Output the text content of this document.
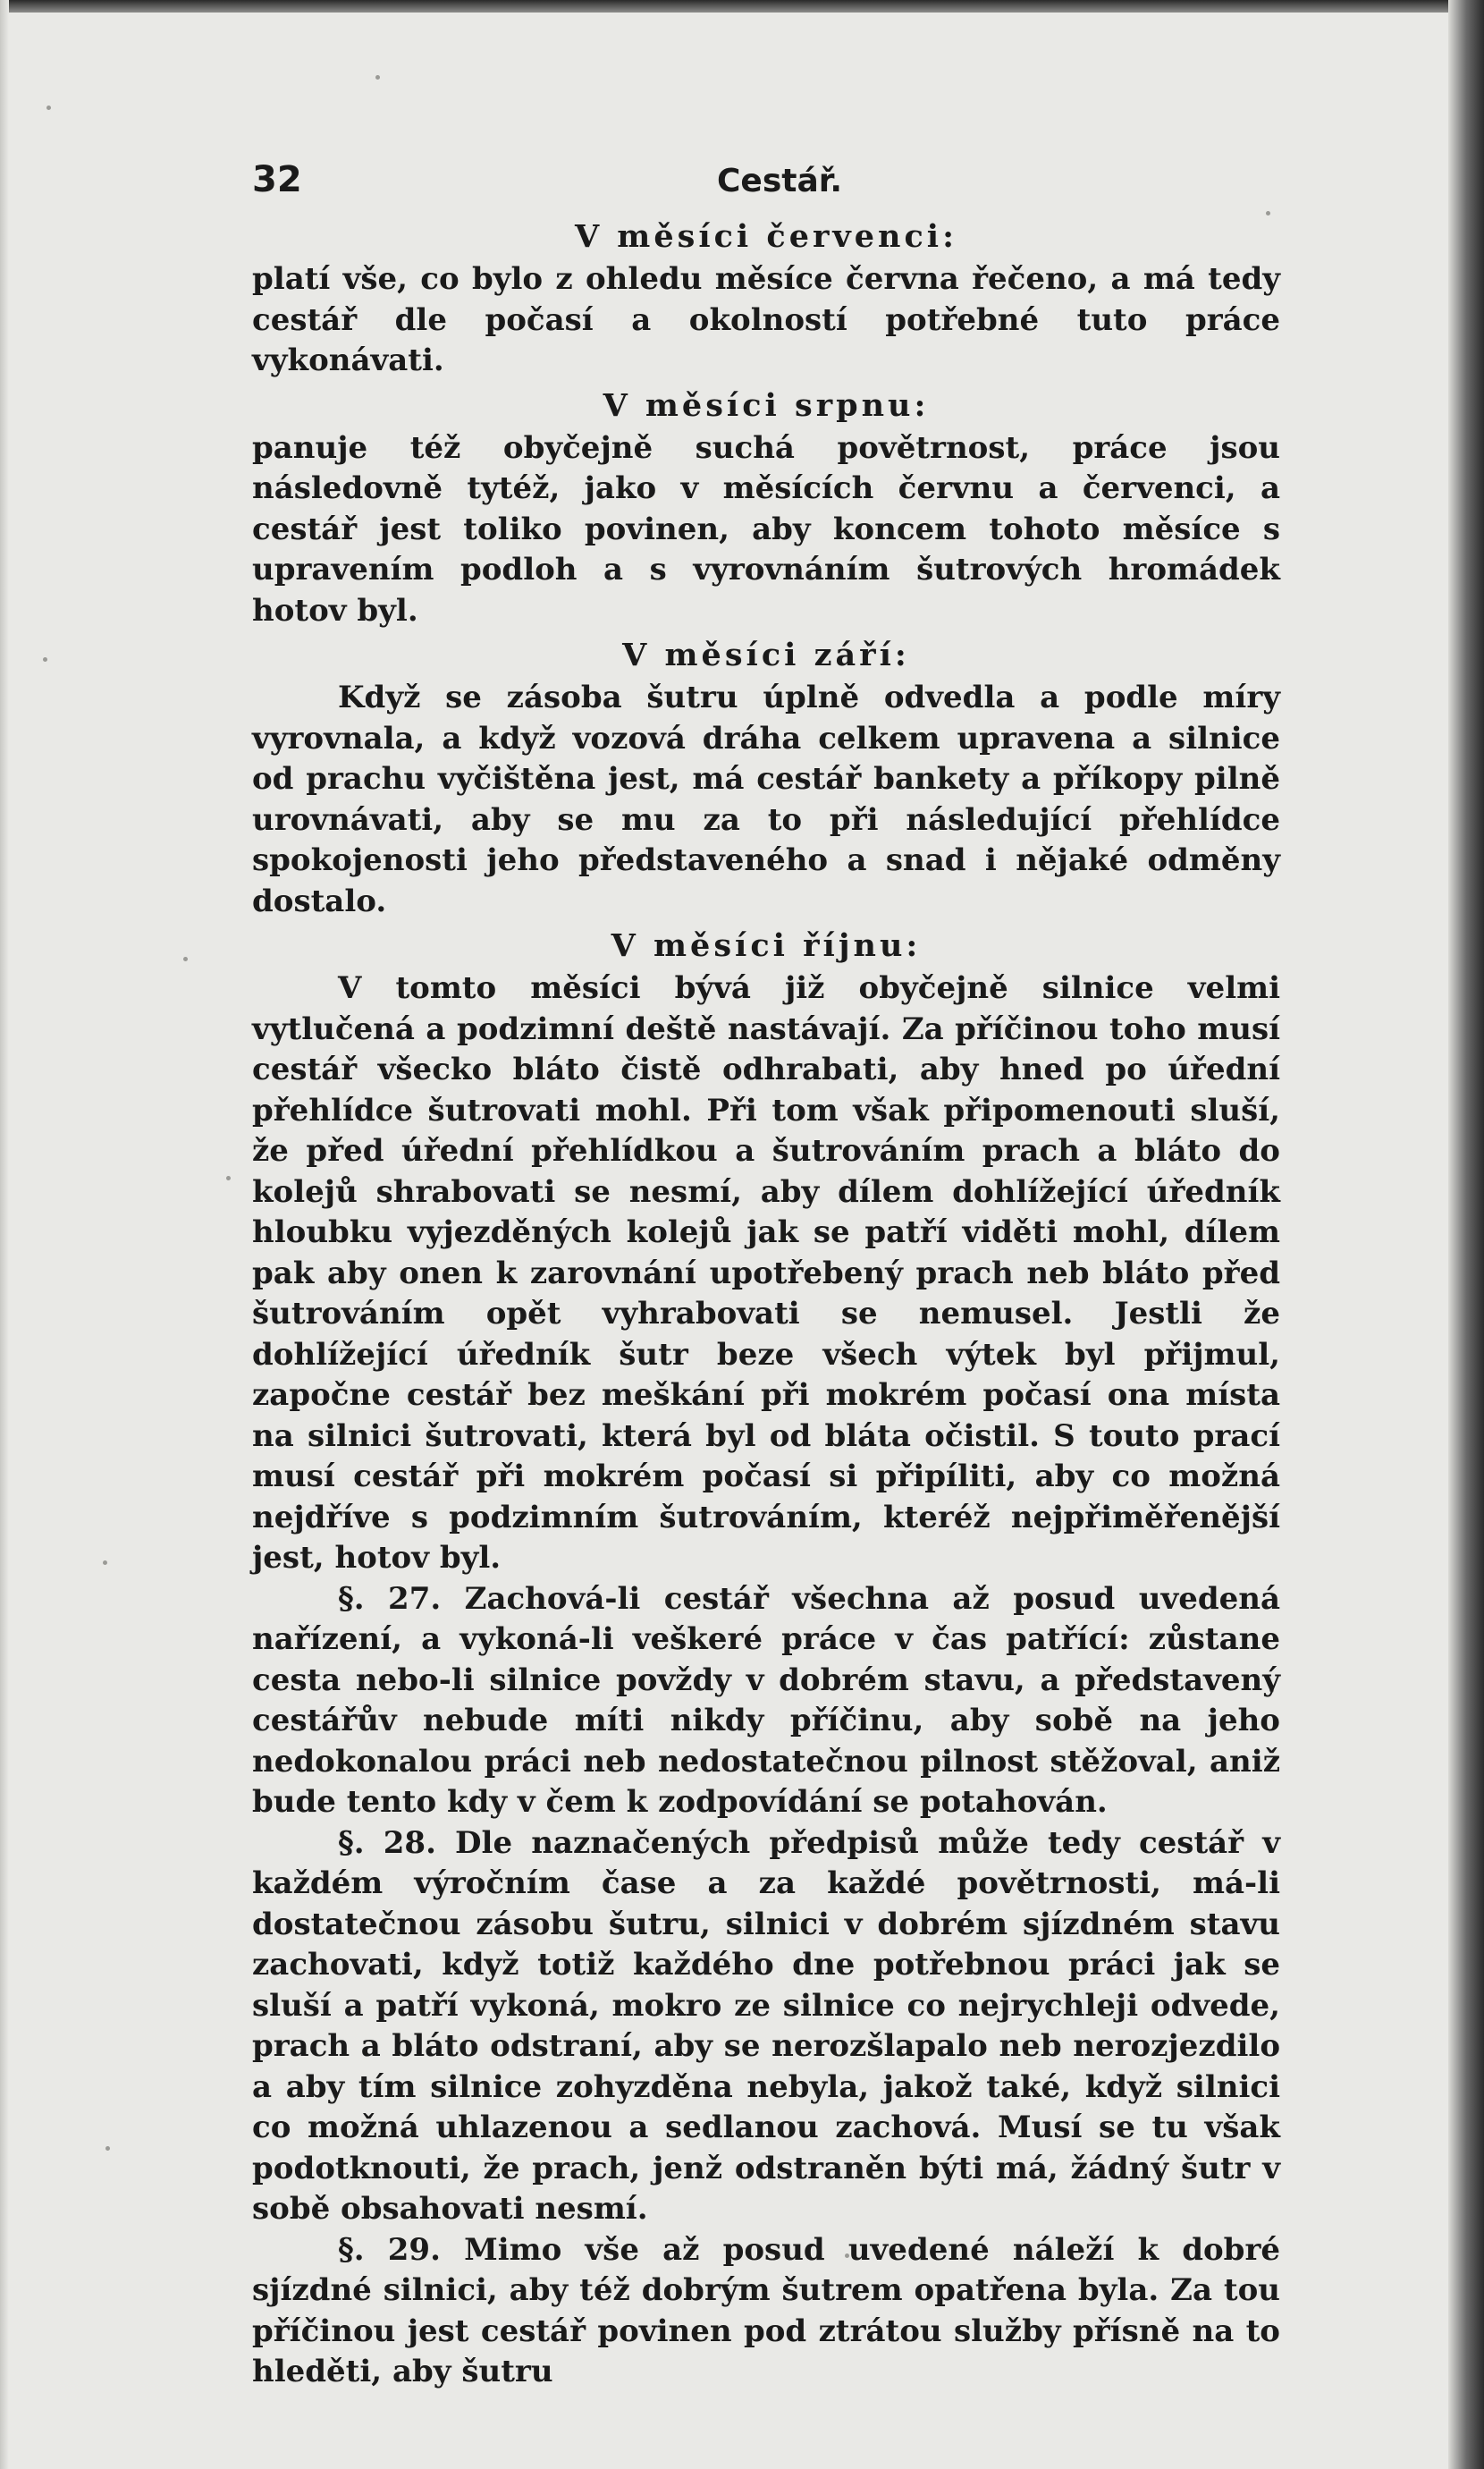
32	Cestář.
V měsíci červenci:

platí vše, co bylo z ohledu měsíce června řečeno, a má tedy cestář dle počasí a okolností potřebné tuto práce vykonávati.

V měsíci srpnu:

panuje též obyčejně suchá povětrnost, práce jsou následovně tytéž, jako v měsících červnu a červenci, a cestář jest toliko povinen, aby koncem tohoto měsíce s upravením podloh a s vyrovnáním šutrových hromádek hotov byl.

V měsíci září:

Když se zásoba šutru úplně odvedla a podle míry vyrovnala, a když vozová dráha celkem upravena a silnice od prachu vyčištěna jest, má cestář bankety a příkopy pilně urovnávati, aby se mu za to při následující přehlídce spokojenosti jeho představeného a snad i nějaké odměny dostalo.

V měsíci říjnu:

V tomto měsíci bývá již obyčejně silnice velmi vytlučená a podzimní deště nastávají. Za příčinou toho musí cestář všecko bláto čistě odhrabati, aby hned po úřední přehlídce šutrovati mohl. Při tom však připomenouti sluší, že před úřední přehlídkou a šutrováním prach a bláto do kolejů shrabovati se nesmí, aby dílem dohlížející úředník hloubku vyjezděných kolejů jak se patří viděti mohl, dílem pak aby onen k zarovnání upotřebený prach neb bláto před šutrováním opět vyhrabovati se nemusel. Jestli že dohlížející úředník šutr beze všech výtek byl přijmul, započne cestář bez meškání při mokrém počasí ona místa na silnici šutrovati, která byl od bláta očistil. S touto prací musí cestář při mokrém počasí si připíliti, aby co možná nejdříve s podzimním šutrováním, kteréž nejpřiměřenější jest, hotov byl.

§. 27. Zachová-li cestář všechna až posud uvedená nařízení, a vykoná-li veškeré práce v čas patřící: zůstane cesta nebo-li silnice povždy v dobrém stavu, a představený cestářův nebude míti nikdy příčinu, aby sobě na jeho nedokonalou práci neb nedostatečnou pilnost stěžoval, aniž bude tento kdy v čem k zodpovídání se potahován.

§. 28. Dle naznačených předpisů může tedy cestář v každém výročním čase a za každé povětrnosti, má-li dostatečnou zásobu šutru, silnici v dobrém sjízdném stavu zachovati, když totiž každého dne potřebnou práci jak se sluší a patří vykoná, mokro ze silnice co nejrychleji odvede, prach a bláto odstraní, aby se nerozšlapalo neb nerozjezdilo a aby tím silnice zohyzděna nebyla, jakož také, když silnici co možná uhlazenou a sedlanou zachová. Musí se tu však podotknouti, že prach, jenž odstraněn býti má, žádný šutr v sobě obsahovati nesmí.

§. 29. Mimo vše až posud uvedené náleží k dobré sjízdné silnici, aby též dobrým šutrem opatřena byla. Za tou příčinou jest cestář povinen pod ztrátou služby přísně na to hleděti, aby šutru
